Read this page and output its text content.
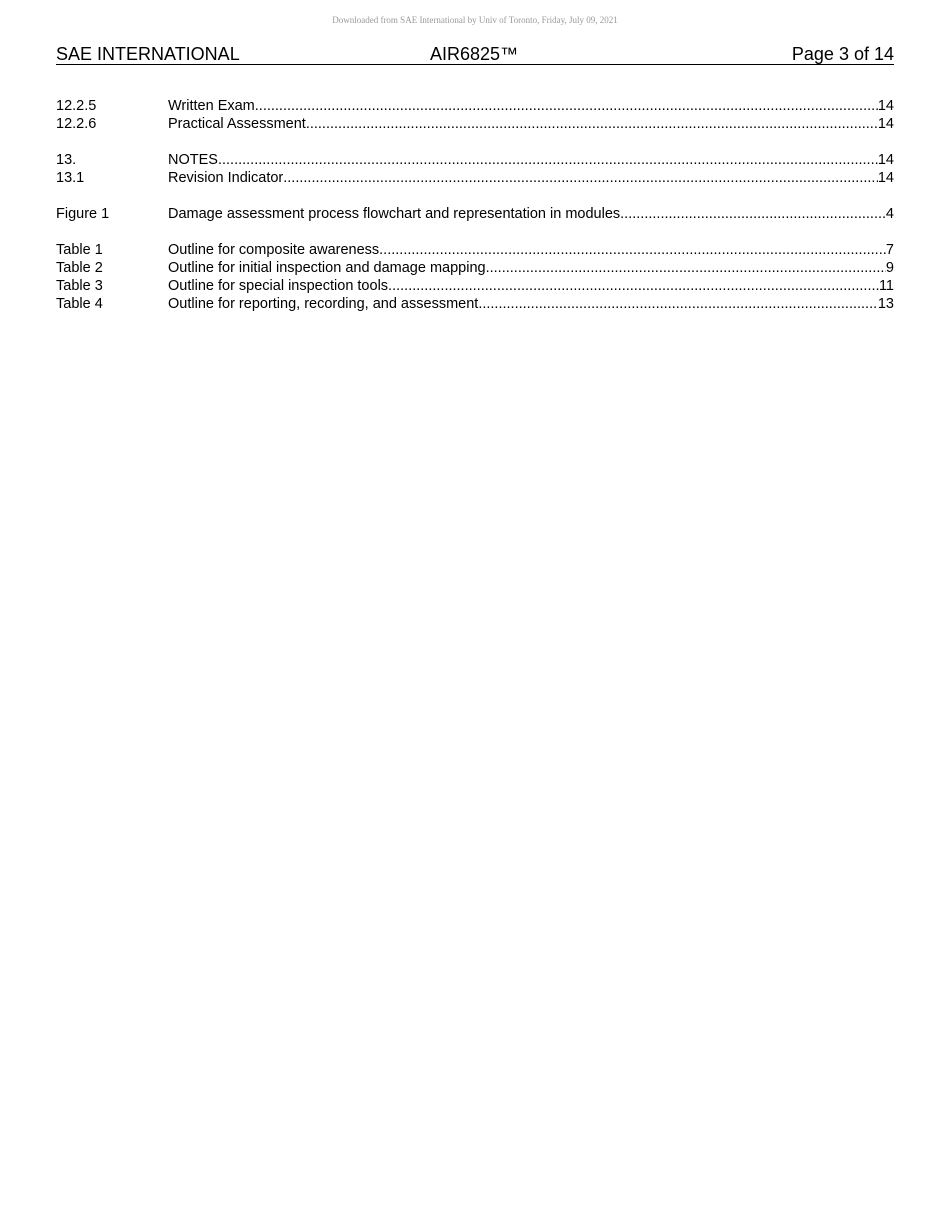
Downloaded from SAE International by Univ of Toronto, Friday, July 09, 2021
SAE INTERNATIONAL	AIR6825™	Page 3 of 14
12.2.5	Written Exam .....	14
12.2.6	Practical Assessment .....	14
13.	NOTES .....	14
13.1	Revision Indicator .....	14
Figure 1	Damage assessment process flowchart and representation in modules .....	4
Table 1	Outline for composite awareness .....	7
Table 2	Outline for initial inspection and damage mapping .....	9
Table 3	Outline for special inspection tools .....	11
Table 4	Outline for reporting, recording, and assessment .....	13
